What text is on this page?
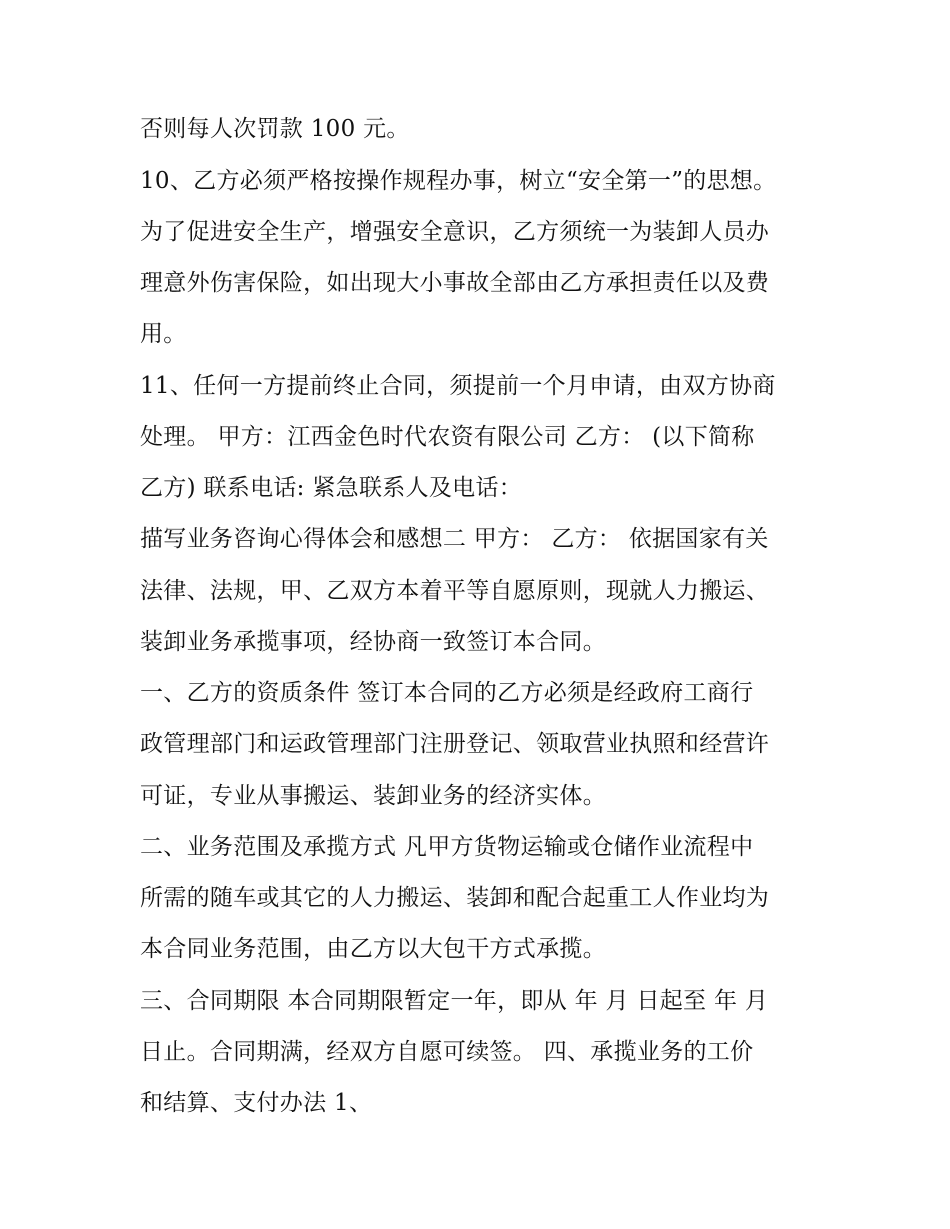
否则每人次罚款 100 元。
10、乙方必须严格按操作规程办事，树立“安全第一”的思想。
为了促进安全生产，增强安全意识，乙方须统一为装卸人员办
理意外伤害保险，如出现大小事故全部由乙方承担责任以及费
用。
11、任何一方提前终止合同，须提前一个月申请，由双方协商
处理。 甲方：江西金色时代农资有限公司 乙方： (以下简称
乙方) 联系电话: 紧急联系人及电话：
描写业务咨询心得体会和感想二 甲方： 乙方： 依据国家有关
法律、法规，甲、乙双方本着平等自愿原则，现就人力搬运、
装卸业务承揽事项，经协商一致签订本合同。
一、乙方的资质条件 签订本合同的乙方必须是经政府工商行
政管理部门和运政管理部门注册登记、领取营业执照和经营许
可证，专业从事搬运、装卸业务的经济实体。
二、业务范围及承揽方式 凡甲方货物运输或仓储作业流程中
所需的随车或其它的人力搬运、装卸和配合起重工人作业均为
本合同业务范围，由乙方以大包干方式承揽。
三、合同期限 本合同期限暂定一年，即从 年 月 日起至 年 月
日止。合同期满，经双方自愿可续签。 四、承揽业务的工价
和结算、支付办法 1、
